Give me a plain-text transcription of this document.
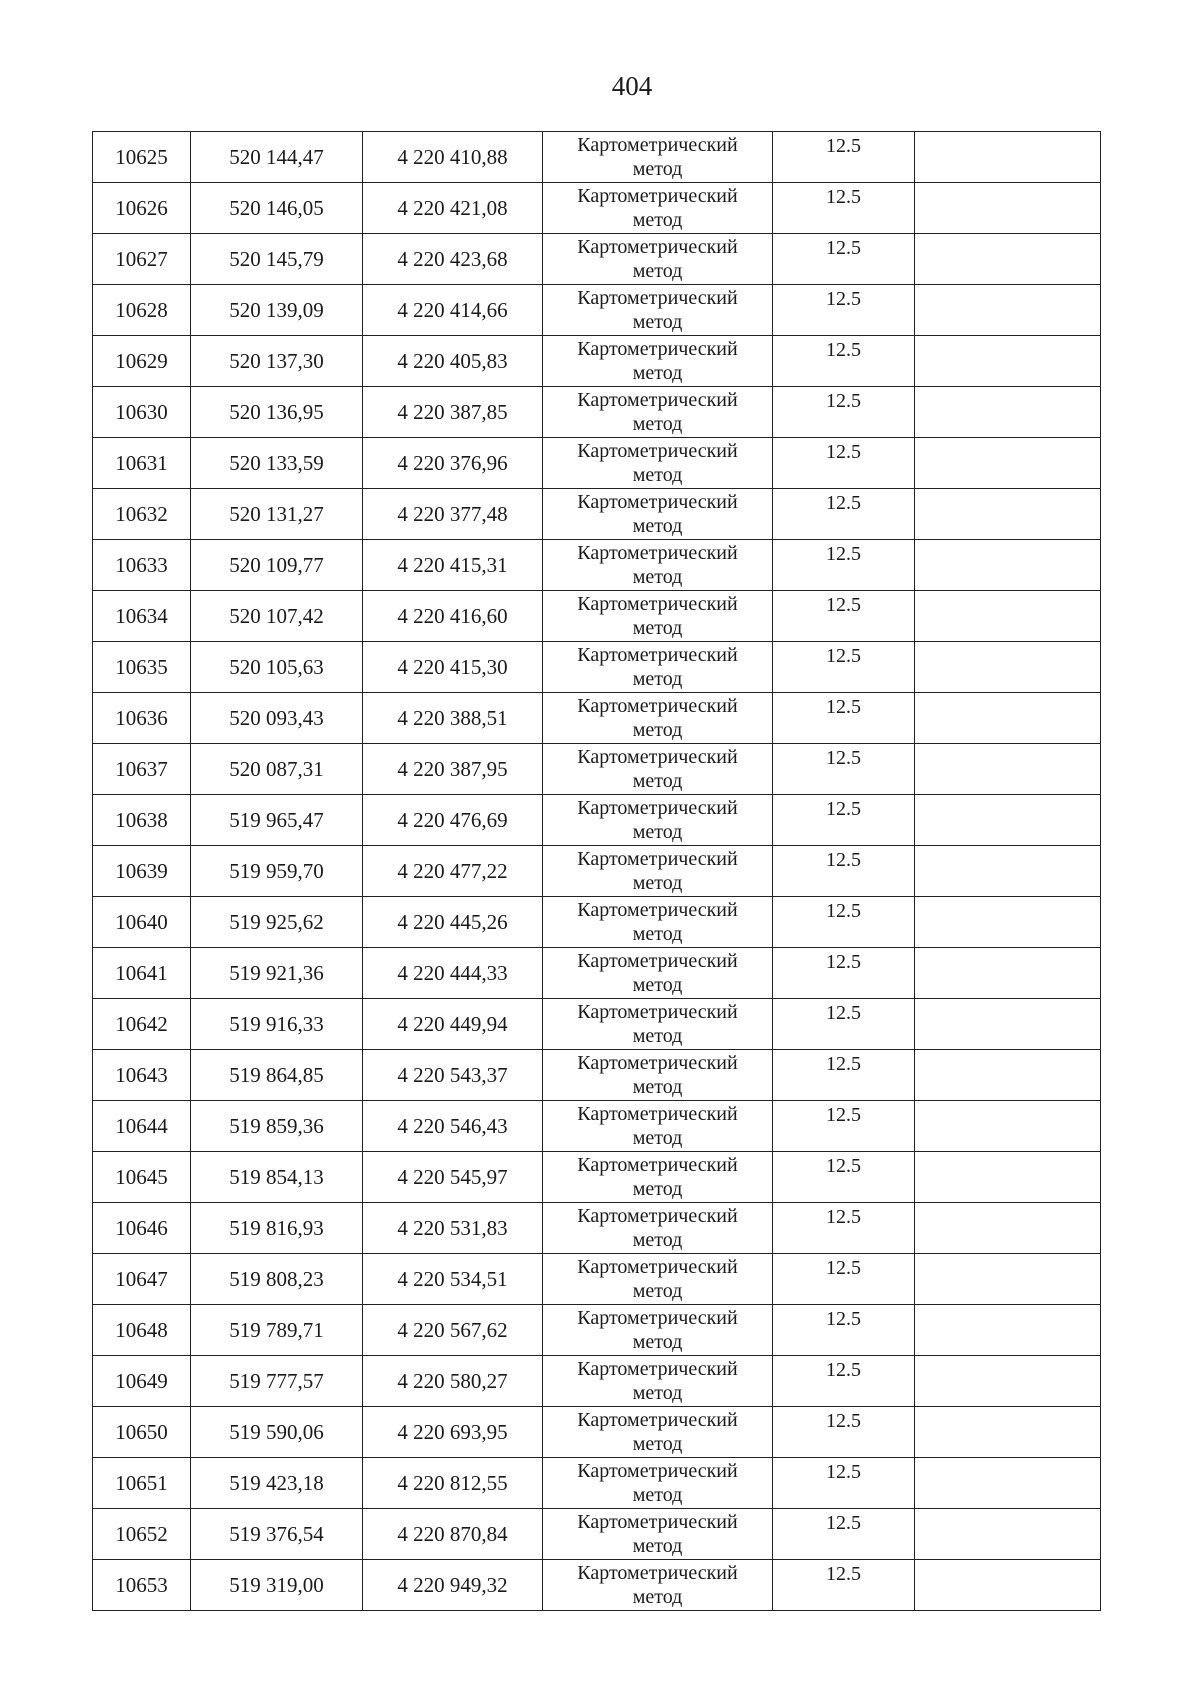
404
10625	520 144,47	4 220 410,88	Картометрический
метод	12.5	
10626	520 146,05	4 220 421,08	Картометрический
метод	12.5	
10627	520 145,79	4 220 423,68	Картометрический
метод	12.5	
10628	520 139,09	4 220 414,66	Картометрический
метод	12.5	
10629	520 137,30	4 220 405,83	Картометрический
метод	12.5	
10630	520 136,95	4 220 387,85	Картометрический
метод	12.5	
10631	520 133,59	4 220 376,96	Картометрический
метод	12.5	
10632	520 131,27	4 220 377,48	Картометрический
метод	12.5	
10633	520 109,77	4 220 415,31	Картометрический
метод	12.5	
10634	520 107,42	4 220 416,60	Картометрический
метод	12.5	
10635	520 105,63	4 220 415,30	Картометрический
метод	12.5	
10636	520 093,43	4 220 388,51	Картометрический
метод	12.5	
10637	520 087,31	4 220 387,95	Картометрический
метод	12.5	
10638	519 965,47	4 220 476,69	Картометрический
метод	12.5	
10639	519 959,70	4 220 477,22	Картометрический
метод	12.5	
10640	519 925,62	4 220 445,26	Картометрический
метод	12.5	
10641	519 921,36	4 220 444,33	Картометрический
метод	12.5	
10642	519 916,33	4 220 449,94	Картометрический
метод	12.5	
10643	519 864,85	4 220 543,37	Картометрический
метод	12.5	
10644	519 859,36	4 220 546,43	Картометрический
метод	12.5	
10645	519 854,13	4 220 545,97	Картометрический
метод	12.5	
10646	519 816,93	4 220 531,83	Картометрический
метод	12.5	
10647	519 808,23	4 220 534,51	Картометрический
метод	12.5	
10648	519 789,71	4 220 567,62	Картометрический
метод	12.5	
10649	519 777,57	4 220 580,27	Картометрический
метод	12.5	
10650	519 590,06	4 220 693,95	Картометрический
метод	12.5	
10651	519 423,18	4 220 812,55	Картометрический
метод	12.5	
10652	519 376,54	4 220 870,84	Картометрический
метод	12.5	
10653	519 319,00	4 220 949,32	Картометрический
метод	12.5	
